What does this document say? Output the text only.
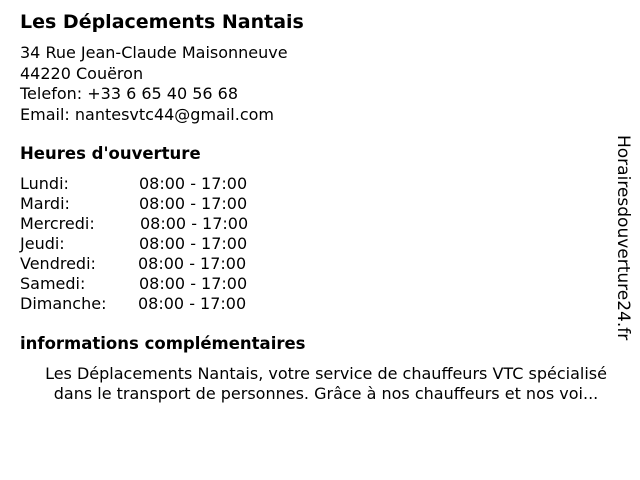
Les Déplacements Nantais
34 Rue Jean-Claude Maisonneuve
44220 Couëron
Telefon: +33 6 65 40 56 68
Email: nantesvtc44@gmail.com
Heures d'ouverture
Lundi:	08:00 - 17:00
Mardi:	08:00 - 17:00
Mercredi:	08:00 - 17:00
Jeudi:	08:00 - 17:00
Vendredi:	08:00 - 17:00
Samedi:	08:00 - 17:00
Dimanche: 08:00 - 17:00
informations complémentaires
Les Déplacements Nantais, votre service de chauffeurs VTC spécialisé
dans le transport de personnes. Grâce à nos chauffeurs et nos voi...
Horairesdouverture24.fr
